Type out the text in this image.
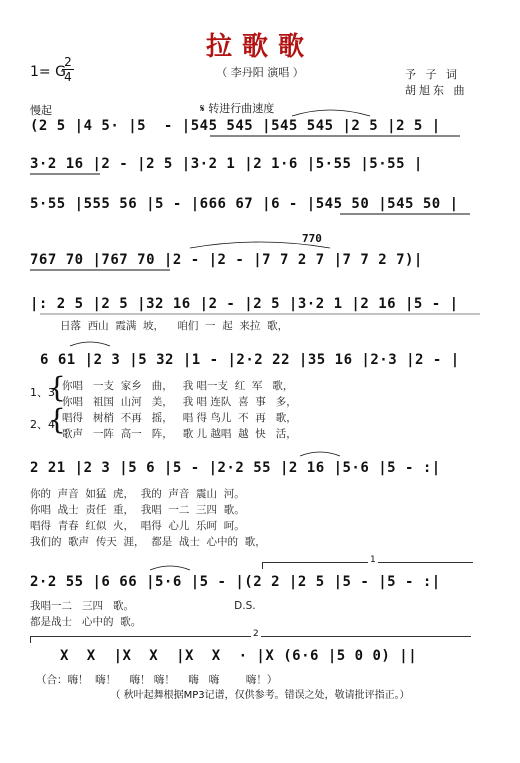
拉歌歌
（ 李丹阳 演唱 ）
1= G
2
4	予 子 词
胡旭东 曲
慢起	𝄋 转进行曲速度
(2 5 |4 5· |5  - |545 545 |545 545 |2 5 |2 5 |
3·2 16 |2 - |2 5 |3·2 1 |2 1·6 |5·55 |5·55 |
5·55 |555 56 |5 - |666 67 |6 - |545 50 |545 50 |
770
767 70 |767 70 |2 - |2 - |7 7 2 7 |7 7 2 7)|
|: 2 5 |2 5 |32 16 |2 - |2 5 |3·2 1 |2 16 |5 - |
日落  西山  霞满  坡，    咱们  一  起  来拉  歌，
6 61 |2 3 |5 32 |1 - |2·2 22 |35 16 |2·3 |2 - |
1、3
2、4
{
{
你唱   一支  家乡   曲，   我 唱一支  红  军   歌，
你唱   祖国  山河   美，   我 唱 连队  喜  事   多，
唱得   树梢  不再   摇，   唱 得 鸟儿  不  再   歌，
歌声   一阵  高一   阵，   歌 儿 越唱  越  快   活，
2 21 |2 3 |5 6 |5 - |2·2 55 |2 16 |5·6 |5 - :|
你的  声音  如猛  虎，  我的  声音  震山  河。
你唱  战士  责任  重，  我唱  一二  三四  歌。
唱得  青春  红似  火，  唱得  心儿  乐呵  呵。
我们的  歌声  传天  涯，  都是  战士  心中的  歌，
1
2·2 55 |6 66 |5·6 |5 - |(2 2 |2 5 |5 - |5 - :|
我唱一二   三四   歌。                              D.S.
都是战士   心中的  歌。
2
X  X  |X  X  |X  X  · |X (6·6 |5 0 0) ||
（合：嗨！  嗨！    嗨！ 嗨！    嗨   嗨        嗨！）
（ 秋叶起舞根据MP3记谱，仅供参考。错误之处，敬请批评指正。）
